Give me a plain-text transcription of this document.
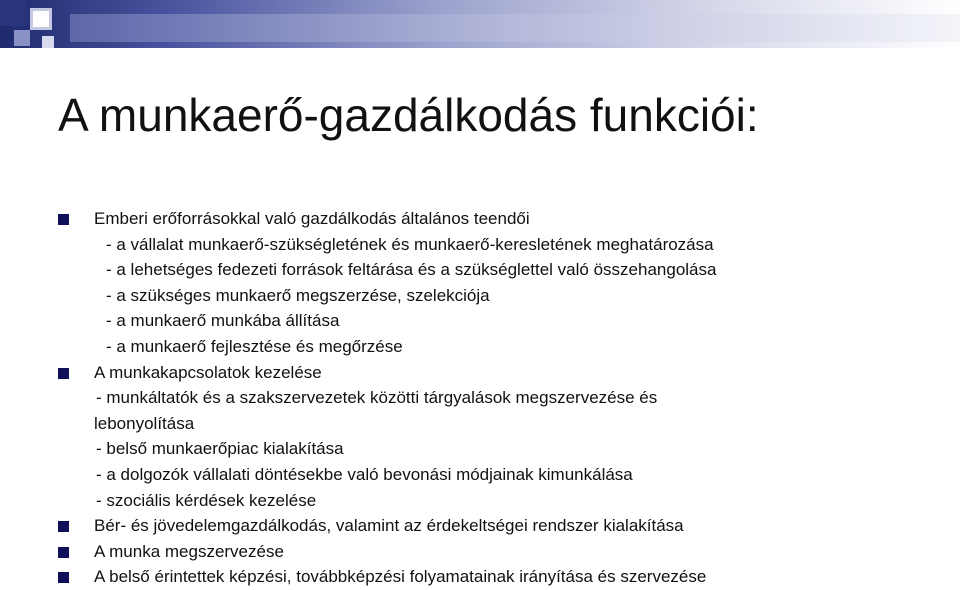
A munkaerő-gazdálkodás funkciói:
Emberi erőforrásokkal való gazdálkodás általános teendői
- a vállalat munkaerő-szükségletének és munkaerő-keresletének meghatározása
- a lehetséges fedezeti források feltárása és a szükséglettel való összehangolása
- a szükséges munkaerő megszerzése, szelekciója
- a munkaerő munkába állítása
- a munkaerő fejlesztése és megőrzése
A munkakapcsolatok kezelése
- munkáltatók és a szakszervezetek közötti tárgyalások megszervezése és
lebonyolítása
- belső munkaerőpiac kialakítása
- a dolgozók vállalati döntésekbe való bevonási módjainak kimunkálása
- szociális kérdések kezelése
Bér- és jövedelemgazdálkodás, valamint az érdekeltségei rendszer kialakítása
A munka megszervezése
A belső érintettek képzési, továbbképzési folyamatainak irányítása és szervezése
